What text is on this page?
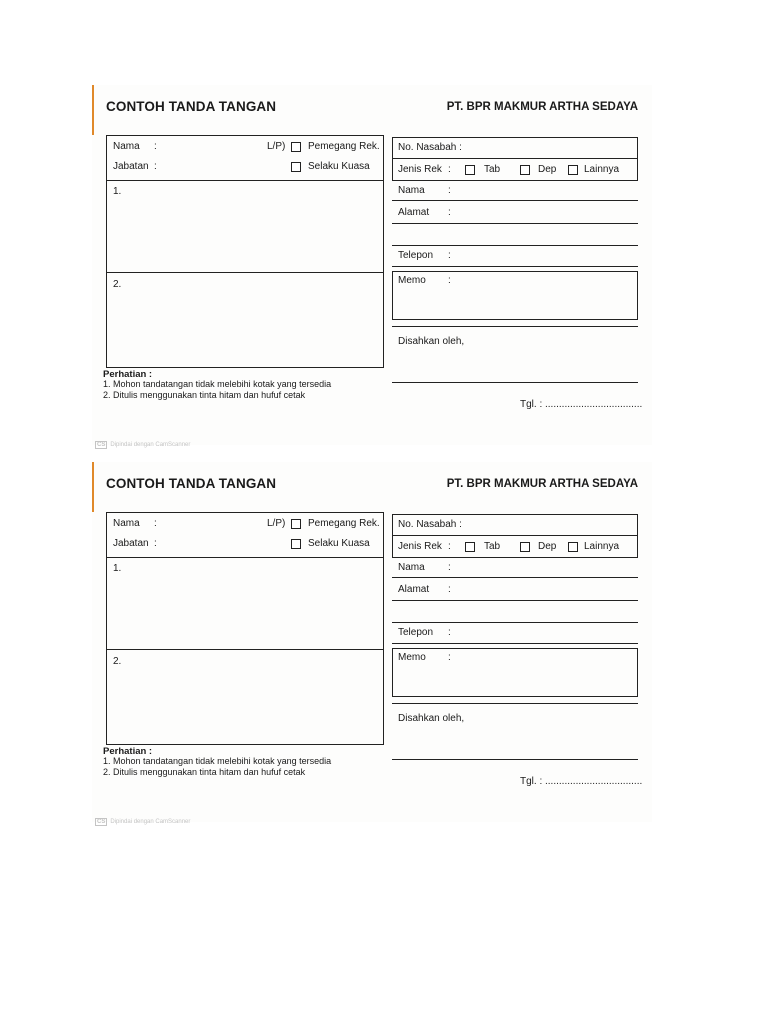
CONTOH TANDA TANGAN	PT. BPR MAKMUR ARTHA SEDAYA
Nama :
Jabatan :
L/P) Pemegang Rek.
Selaku Kuasa
1.
2.
No. Nasabah :
Jenis Rek :	Tab	Dep	Lainnya
Nama :
Alamat :
Telepon :
Memo :
Disahkan oleh,
Tgl. : ...................................
Perhatian :
1. Mohon tandatangan tidak melebihi kotak yang tersedia
2. Ditulis menggunakan tinta hitam dan hufuf cetak
CS Dipindai dengan CamScanner
CONTOH TANDA TANGAN	PT. BPR MAKMUR ARTHA SEDAYA
Nama :
Jabatan :
L/P) Pemegang Rek.
Selaku Kuasa
1.
2.
No. Nasabah :
Jenis Rek :	Tab	Dep	Lainnya
Nama :
Alamat :
Telepon :
Memo :
Disahkan oleh,
Tgl. : ...................................
Perhatian :
1. Mohon tandatangan tidak melebihi kotak yang tersedia
2. Ditulis menggunakan tinta hitam dan hufuf cetak
CS Dipindai dengan CamScanner
